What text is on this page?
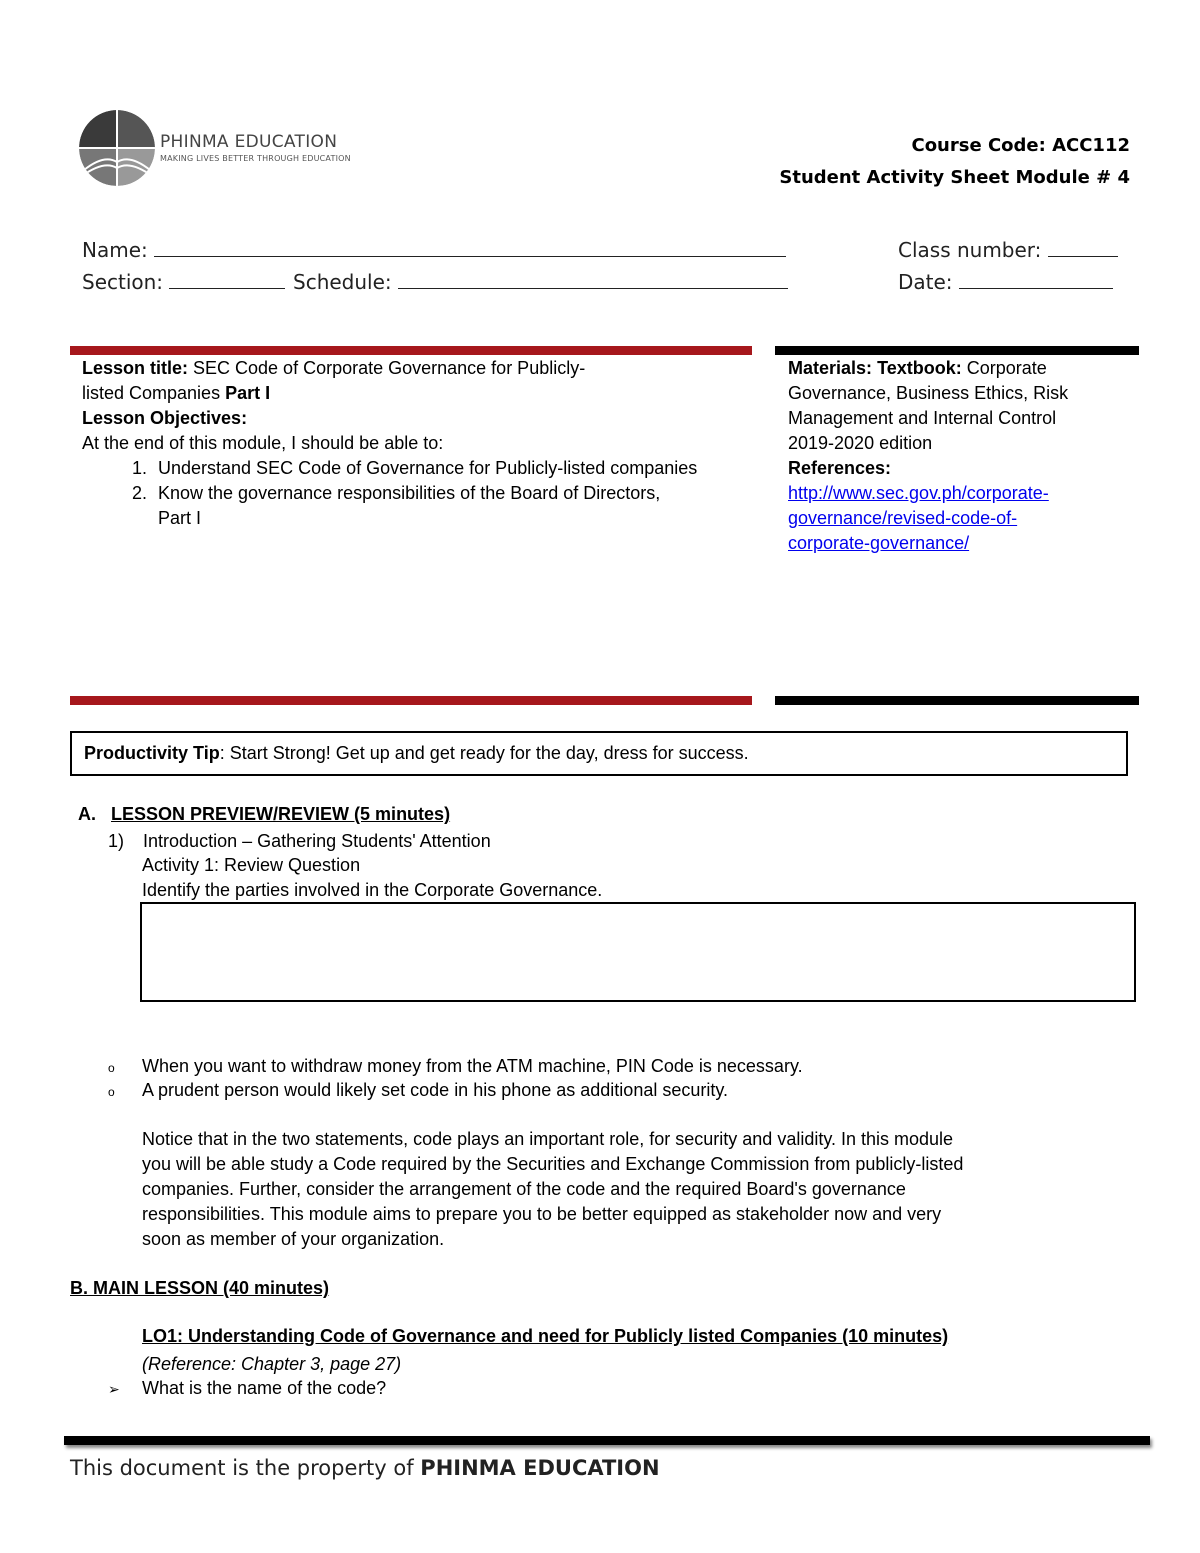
PHINMA EDUCATION
MAKING LIVES BETTER THROUGH EDUCATION
Course Code: ACC112
Student Activity Sheet Module # 4
Name:	Class number:
Section:	Schedule:	Date:
Lesson title: SEC Code of Corporate Governance for Publicly-
listed Companies Part I
Lesson Objectives:
At the end of this module, I should be able to:
1. Understand SEC Code of Governance for Publicly-listed companies
2. Know the governance responsibilities of the Board of Directors, Part I
Materials: Textbook: Corporate
Governance, Business Ethics, Risk
Management and Internal Control
2019-2020 edition
References:
http://www.sec.gov.ph/corporate-
governance/revised-code-of-
corporate-governance/
Productivity Tip: Start Strong! Get up and get ready for the day, dress for success.
A. LESSON PREVIEW/REVIEW (5 minutes)
1) Introduction – Gathering Students' Attention
Activity 1: Review Question
Identify the parties involved in the Corporate Governance.
o When you want to withdraw money from the ATM machine, PIN Code is necessary.
o A prudent person would likely set code in his phone as additional security.
Notice that in the two statements, code plays an important role, for security and validity. In this module
you will be able study a Code required by the Securities and Exchange Commission from publicly-listed
companies. Further, consider the arrangement of the code and the required Board's governance
responsibilities. This module aims to prepare you to be better equipped as stakeholder now and very
soon as member of your organization.
B. MAIN LESSON (40 minutes)
LO1: Understanding Code of Governance and need for Publicly listed Companies (10 minutes)
(Reference: Chapter 3, page 27)
➢ What is the name of the code?
This document is the property of PHINMA EDUCATION
